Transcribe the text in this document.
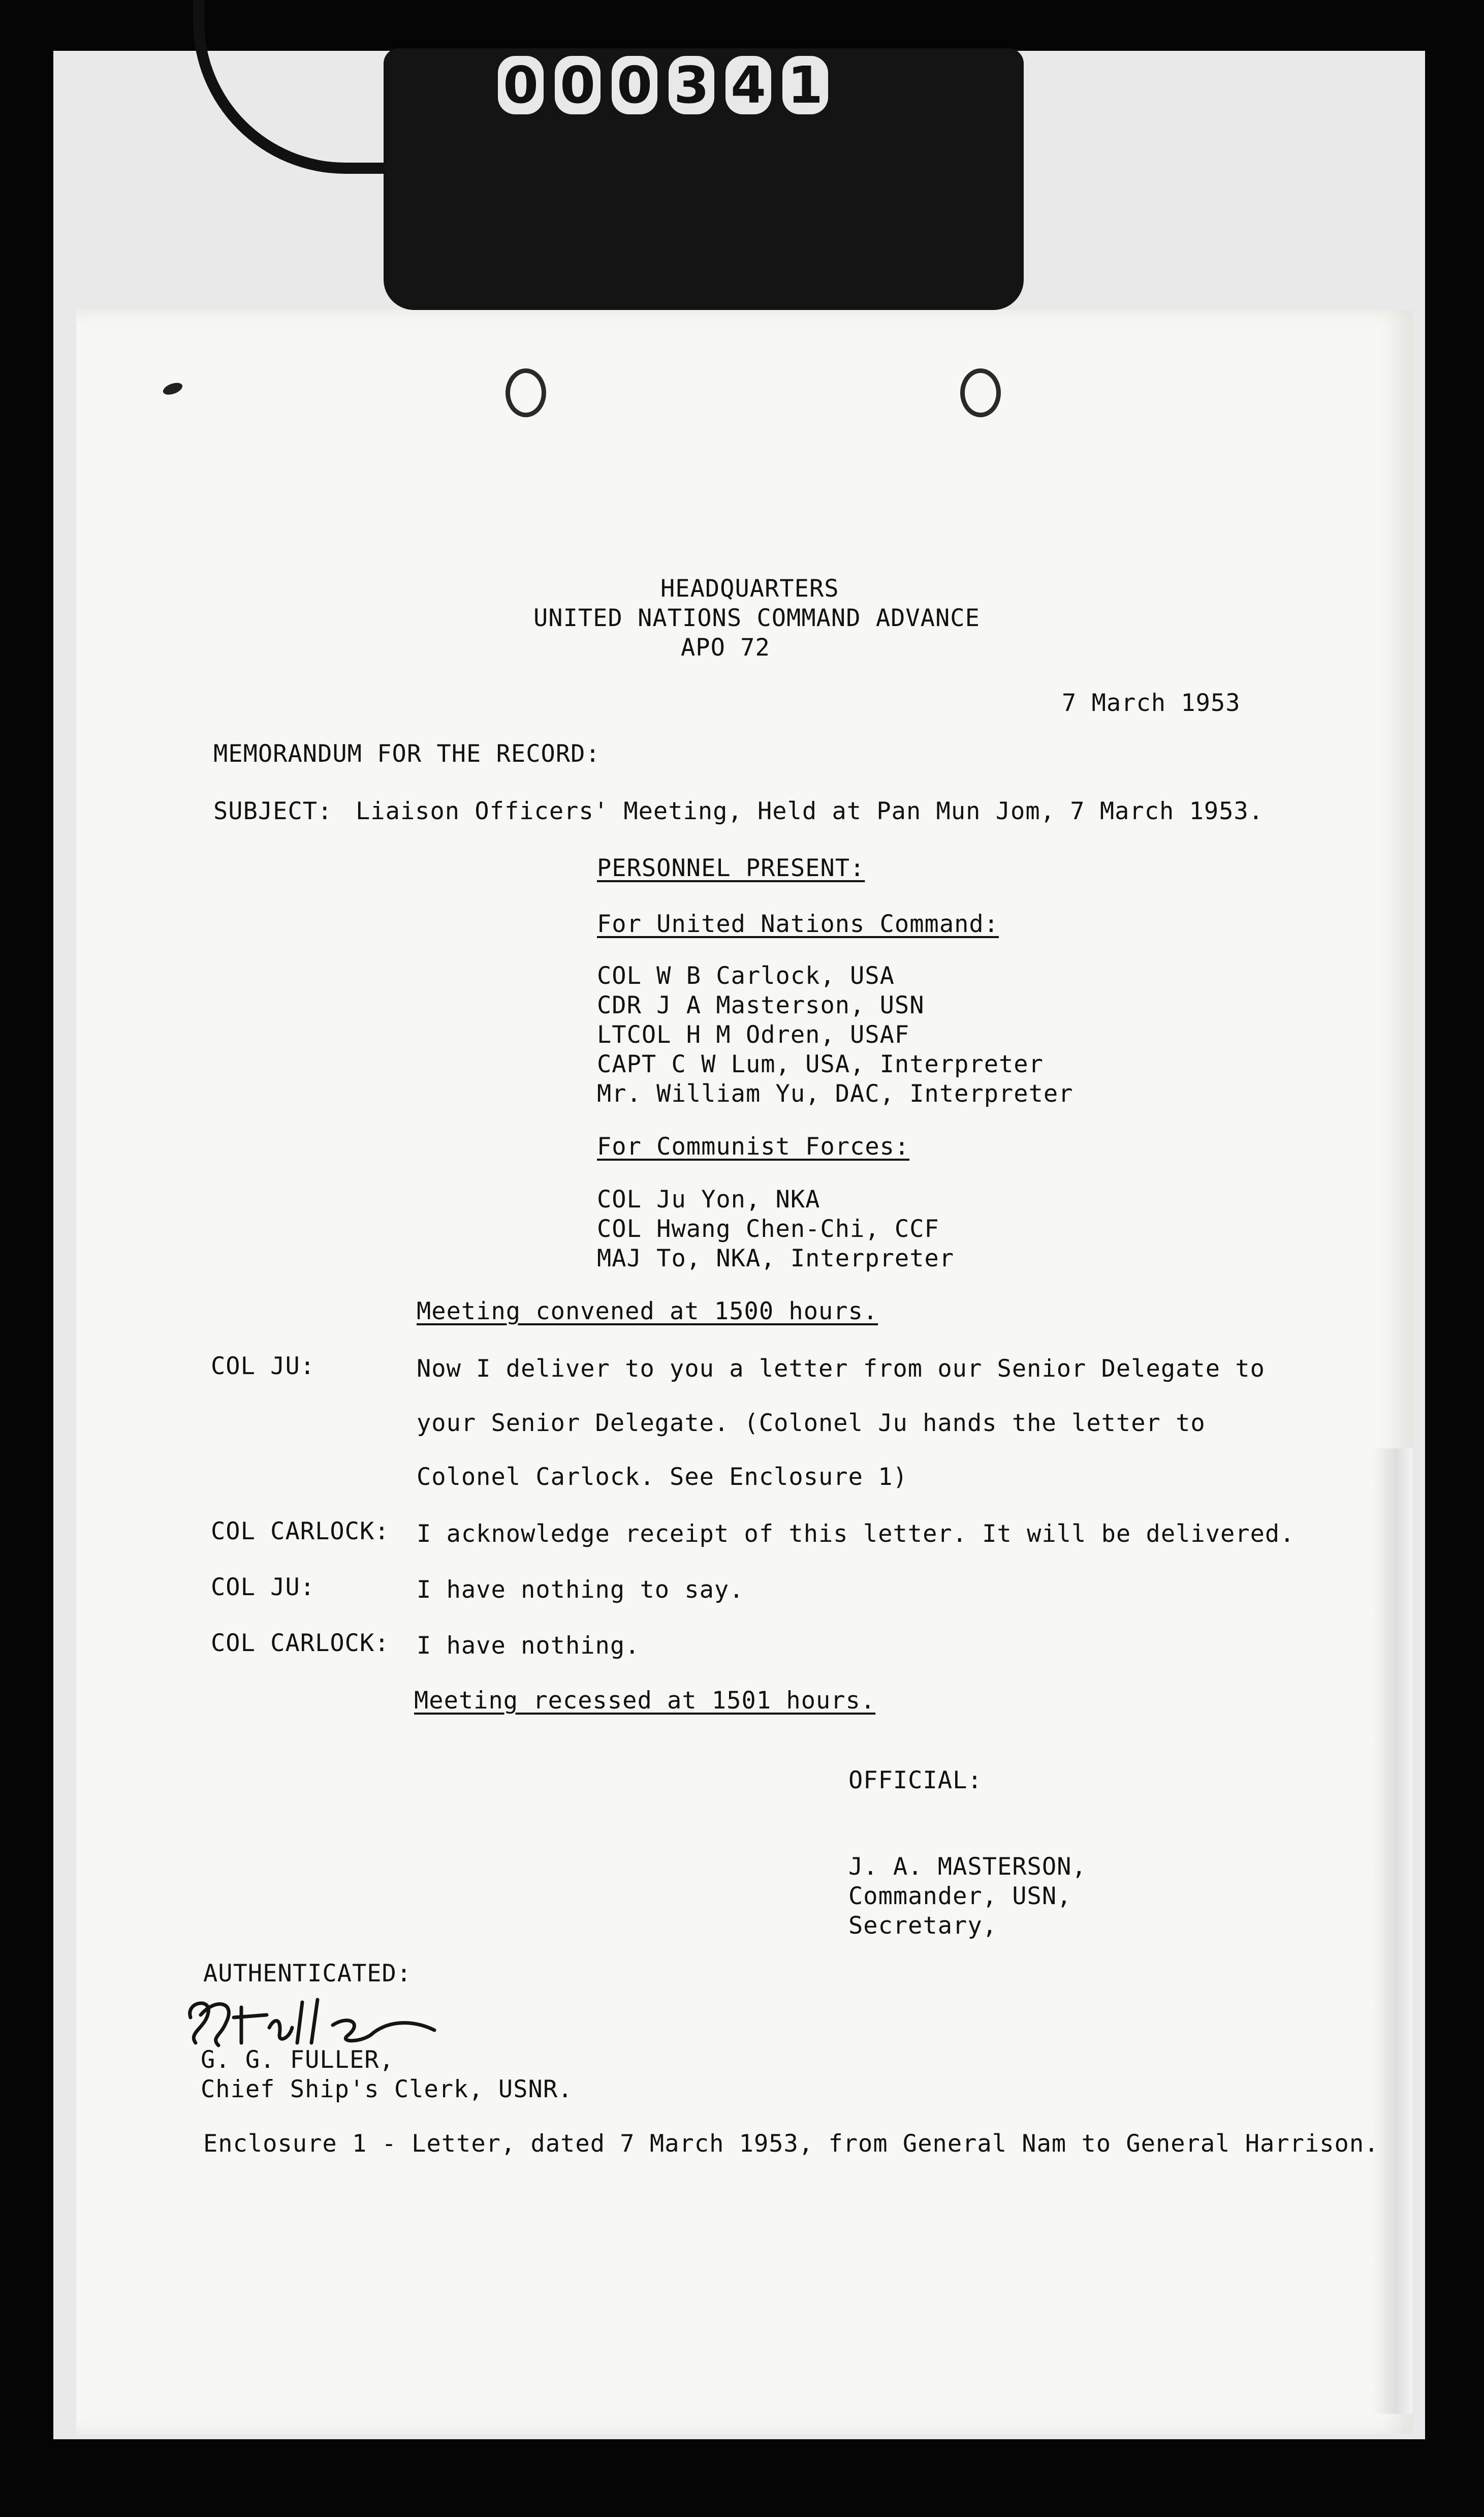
0 0 0 3 4 1
HEADQUARTERS
UNITED NATIONS COMMAND ADVANCE
APO 72
7 March 1953
MEMORANDUM FOR THE RECORD:
SUBJECT: Liaison Officers' Meeting, Held at Pan Mun Jom, 7 March 1953.
PERSONNEL PRESENT:
For United Nations Command:
COL W B Carlock, USA
CDR J A Masterson, USN
LTCOL H M Odren, USAF
CAPT C W Lum, USA, Interpreter
Mr. William Yu, DAC, Interpreter
For Communist Forces:
COL Ju Yon, NKA
COL Hwang Chen-Chi, CCF
MAJ To, NKA, Interpreter
Meeting convened at 1500 hours.
COL JU:	Now I deliver to you a letter from our Senior Delegate to
your Senior Delegate. (Colonel Ju hands the letter to
Colonel Carlock. See Enclosure 1)
COL CARLOCK: I acknowledge receipt of this letter. It will be delivered.
COL JU:	I have nothing to say.
COL CARLOCK: I have nothing.
Meeting recessed at 1501 hours.
OFFICIAL:
J. A. MASTERSON,
Commander, USN,
Secretary,
AUTHENTICATED:
G. G. FULLER,
Chief Ship's Clerk, USNR.
Enclosure 1 - Letter, dated 7 March 1953, from General Nam to General Harrison.
